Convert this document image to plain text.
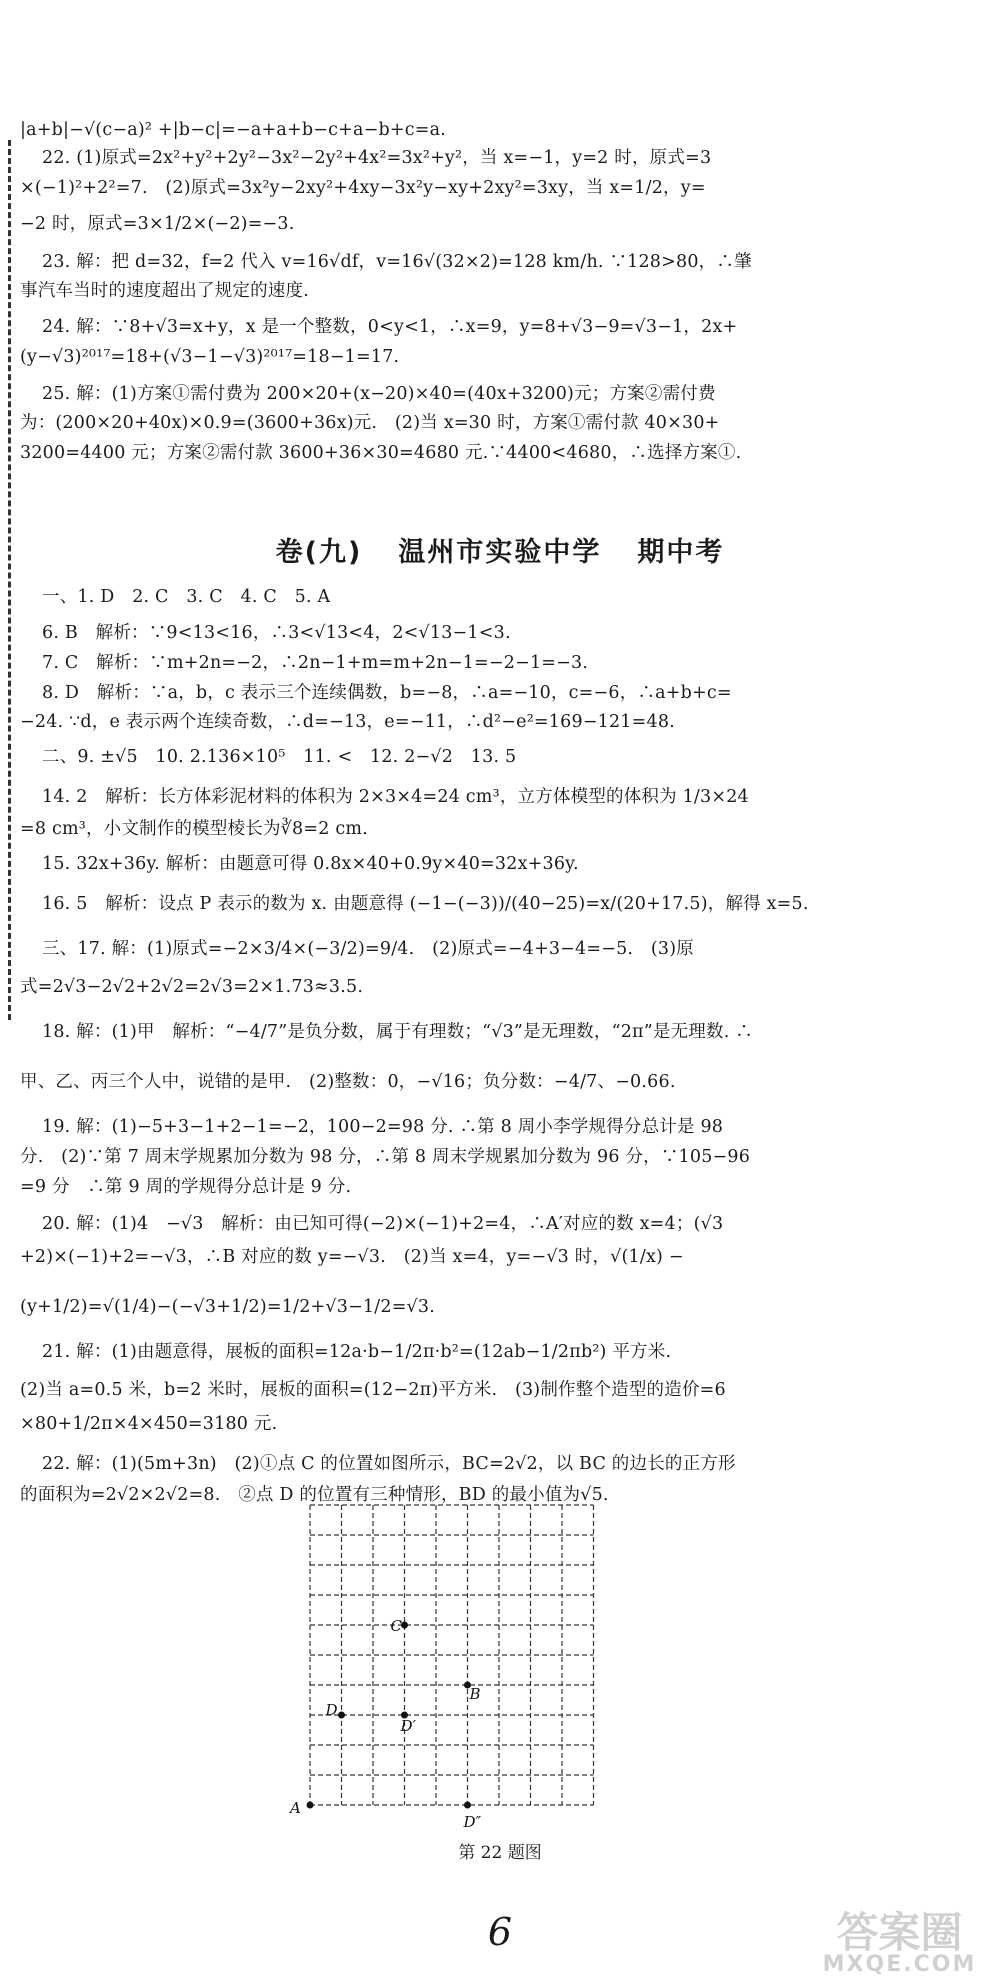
|a+b|−√(c−a)² +|b−c|=−a+a+b−c+a−b+c=a.
22. (1)原式=2x²+y²+2y²−3x²−2y²+4x²=3x²+y²，当 x=−1，y=2 时，原式=3
×(−1)²+2²=7.　(2)原式=3x²y−2xy²+4xy−3x²y−xy+2xy²=3xy，当 x=1/2，y=
−2 时，原式=3×1/2×(−2)=−3.
23. 解：把 d=32，f=2 代入 v=16√df，v=16√(32×2)=128 km/h. ∵128>80，∴肇
事汽车当时的速度超出了规定的速度.
24. 解：∵8+√3=x+y，x 是一个整数，0<y<1，∴x=9，y=8+√3−9=√3−1，2x+
(y−√3)²⁰¹⁷=18+(√3−1−√3)²⁰¹⁷=18−1=17.
25. 解：(1)方案①需付费为 200×20+(x−20)×40=(40x+3200)元；方案②需付费
为：(200×20+40x)×0.9=(3600+36x)元.　(2)当 x=30 时，方案①需付款 40×30+
3200=4400 元；方案②需付款 3600+36×30=4680 元.∵4400<4680，∴选择方案①.
卷(九) 温州市实验中学 期中考
一、1. D　2. C　3. C　4. C　5. A
6. B　解析：∵9<13<16，∴3<√13<4，2<√13−1<3.
7. C　解析：∵m+2n=−2，∴2n−1+m=m+2n−1=−2−1=−3.
8. D　解析：∵a，b，c 表示三个连续偶数，b=−8，∴a=−10，c=−6，∴a+b+c=
−24. ∵d，e 表示两个连续奇数，∴d=−13，e=−11，∴d²−e²=169−121=48.
二、9. ±√5　10. 2.136×10⁵　11. <　12. 2−√2　13. 5
14. 2　解析：长方体彩泥材料的体积为 2×3×4=24 cm³，立方体模型的体积为 1/3×24
=8 cm³，小文制作的模型棱长为∛8=2 cm.
15. 32x+36y. 解析：由题意可得 0.8x×40+0.9y×40=32x+36y.
16. 5　解析：设点 P 表示的数为 x. 由题意得 (−1−(−3))/(40−25)=x/(20+17.5)，解得 x=5.
三、17. 解：(1)原式=−2×3/4×(−3/2)=9/4.　(2)原式=−4+3−4=−5.　(3)原
式=2√3−2√2+2√2=2√3=2×1.73≈3.5.
18. 解：(1)甲　解析：“−4/7”是负分数，属于有理数；“√3”是无理数，“2π”是无理数. ∴
甲、乙、丙三个人中，说错的是甲.　(2)整数：0，−√16；负分数：−4/7、−0.66.
19. 解：(1)−5+3−1+2−1=−2，100−2=98 分. ∴第 8 周小李学规得分总计是 98
分.　(2)∵第 7 周末学规累加分数为 98 分，∴第 8 周末学规累加分数为 96 分，∵105−96
=9 分　∴第 9 周的学规得分总计是 9 分.
20. 解：(1)4　−√3　解析：由已知可得(−2)×(−1)+2=4，∴A′对应的数 x=4；(√3
+2)×(−1)+2=−√3，∴B 对应的数 y=−√3.　(2)当 x=4，y=−√3 时，√(1/x) −
(y+1/2)=√(1/4)−(−√3+1/2)=1/2+√3−1/2=√3.
21. 解：(1)由题意得，展板的面积=12a·b−1/2π·b²=(12ab−1/2πb²) 平方米.
(2)当 a=0.5 米，b=2 米时，展板的面积=(12−2π)平方米.　(3)制作整个造型的造价=6
×80+1/2π×4×450=3180 元.
22. 解：(1)(5m+3n)　(2)①点 C 的位置如图所示，BC=2√2，以 BC 的边长的正方形
的面积为=2√2×2√2=8.　②点 D 的位置有三种情形，BD 的最小值为√5.
C
B
D
D′
A
D″
第 22 题图
6	答案圈
MXQE.COM
